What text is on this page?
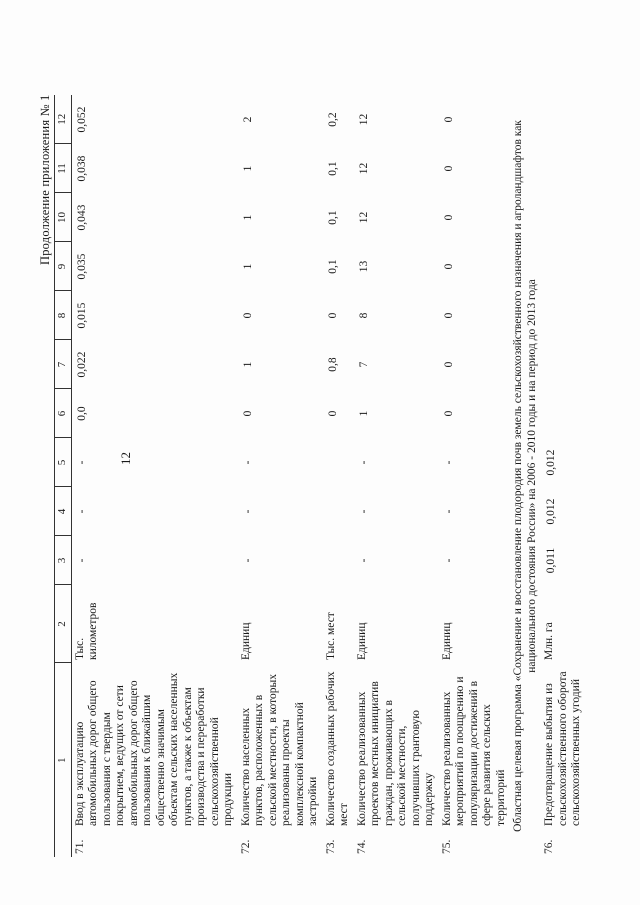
12
Продолжение приложения № 1
1		2	3	4	5	6	7	8	9	10	11	12
71.	Ввод в эксплуатацию автомобильных дорог общего пользования с твердым покрытием, ведущих от сети автомобильных дорог общего пользования к ближайшим общественно значимым объектам сельских населенных пунктов, а также к объектам производства и переработки сельскохозяйственной продукции	Тыс. километров	-	-	-	0,0	0,022	0,015	0,035	0,043	0,038	0,052
72.	Количество населенных пунктов, расположенных в сельской местности, в которых реализованы проекты комплексной компактной застройки	Единиц	-	-	-	0	1	0	1	1	1	2
73.	Количество созданных рабочих мест	Тыс. мест				0	0,8	0	0,1	0,1	0,1	0,2
74.	Количество реализованных проектов местных инициатив граждан, проживающих в сельской местности, получивших грантовую поддержку	Единиц	-	-	-	1	7	8	13	12	12	12
75.	Количество реализованных мероприятий по поощрению и популяризации достижений в сфере развития сельских территорий	Единиц	-	-	-	0	0	0	0	0	0	0
Областная целевая программа «Сохранение и восстановление плодородия почв земель сельскохозяйственного назначения и агроландшафтов как национального достояния России» на 2006 - 2010 годы и на период до 2013 года												
76.	Предотвращение выбытия из сельскохозяйственного оборота сельскохозяйственных угодий	Млн. га	0,011	0,012	0,012							
